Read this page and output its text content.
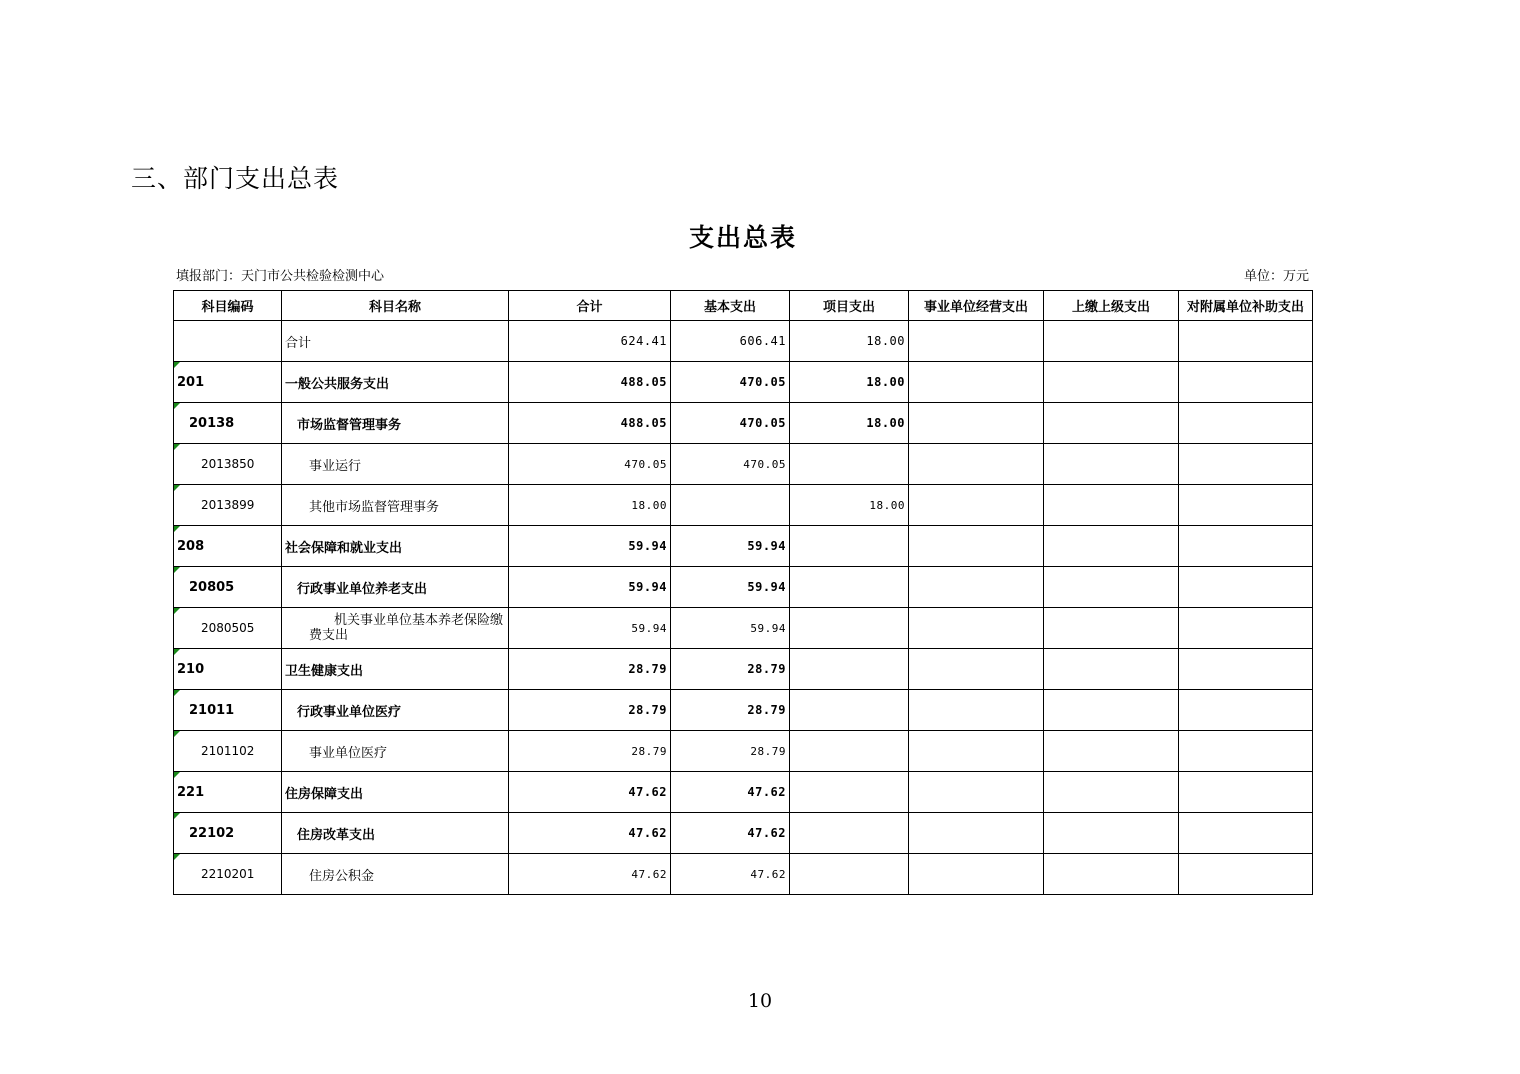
三、部门支出总表
支出总表
填报部门：天门市公共检验检测中心	单位：万元
科目编码	科目名称	合计	基本支出	项目支出	事业单位经营支出	上缴上级支出	对附属单位补助支出
	合计	624.41	606.41	18.00			

201	一般公共服务支出	488.05	470.05	18.00			

20138	市场监督管理事务	488.05	470.05	18.00			

2013850	事业运行	470.05	470.05				

2013899	其他市场监督管理事务	18.00		18.00			

208	社会保障和就业支出	59.94	59.94				

20805	行政事业单位养老支出	59.94	59.94				

2080505	机关事业单位基本养老保险缴费支出	59.94	59.94				

210	卫生健康支出	28.79	28.79				

21011	行政事业单位医疗	28.79	28.79				

2101102	事业单位医疗	28.79	28.79				

221	住房保障支出	47.62	47.62				

22102	住房改革支出	47.62	47.62				

2210201	住房公积金	47.62	47.62				
10
